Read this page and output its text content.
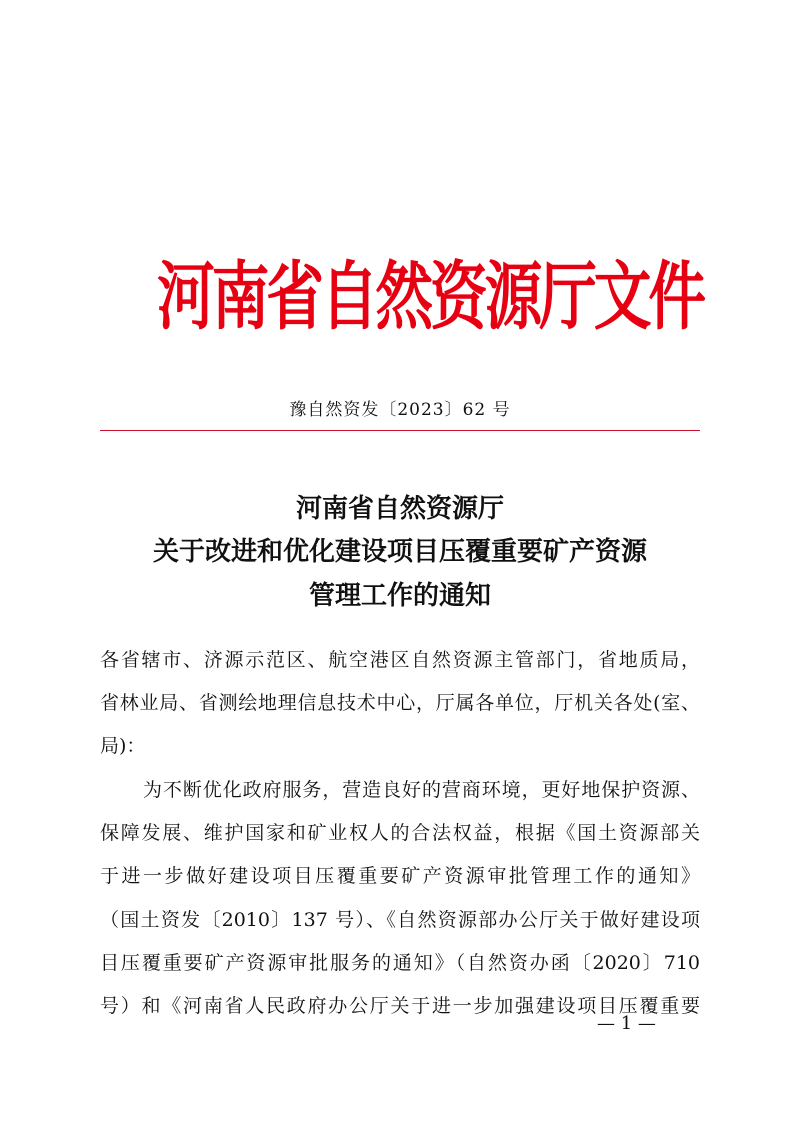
河南省自然资源厅文件
豫自然资发〔2023〕62 号
河南省自然资源厅
关于改进和优化建设项目压覆重要矿产资源
管理工作的通知
各省辖市、济源示范区、航空港区自然资源主管部门，省地质局，
省林业局、省测绘地理信息技术中心，厅属各单位，厅机关各处(室、
局)：
为不断优化政府服务，营造良好的营商环境，更好地保护资源、
保障发展、维护国家和矿业权人的合法权益，根据《国土资源部关
于进一步做好建设项目压覆重要矿产资源审批管理工作的通知》
（国土资发〔2010〕137 号）、《自然资源部办公厅关于做好建设项
目压覆重要矿产资源审批服务的通知》（自然资办函〔2020〕710
号）和《河南省人民政府办公厅关于进一步加强建设项目压覆重要
— 1 —
